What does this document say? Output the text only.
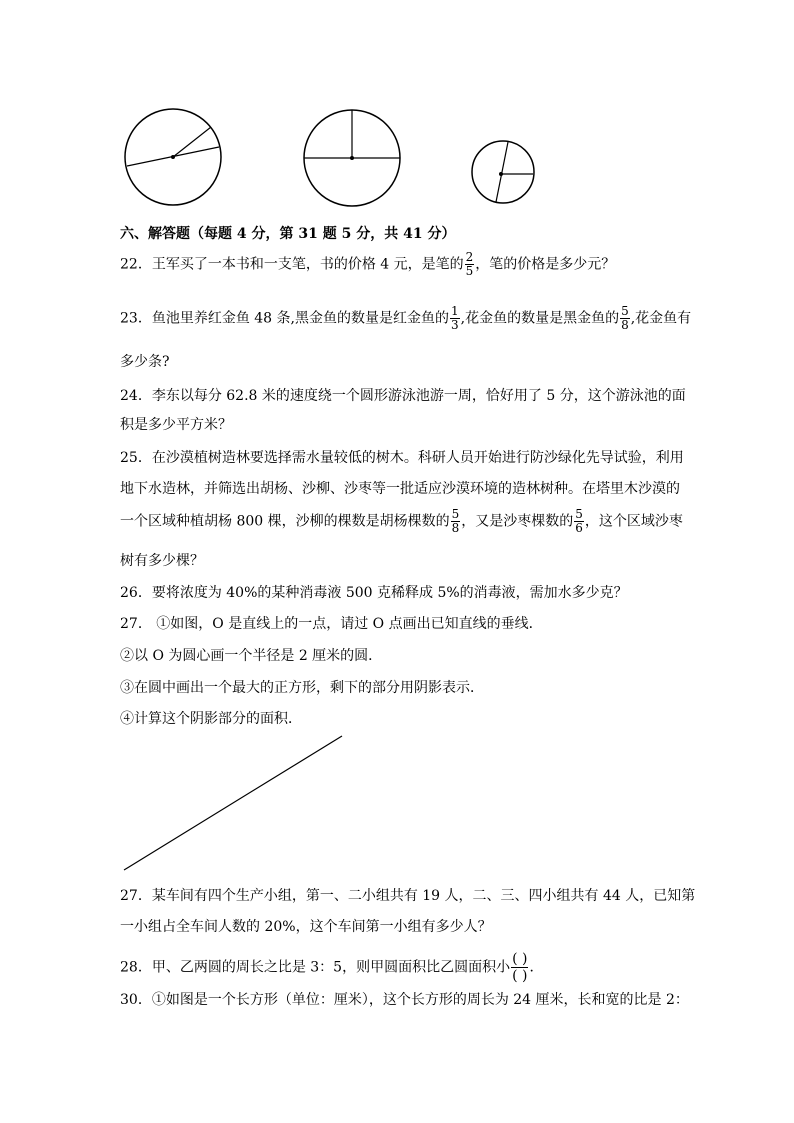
六、解答题（每题 4 分，第 31 题 5 分，共 41 分）
22．王军买了一本书和一支笔，书的价格 4 元，是笔的 $\frac{2}{5}$ ，笔的价格是多少元？
23．鱼池里养红金鱼 48 条,黑金鱼的数量是红金鱼的 $\frac{1}{3}$ ,花金鱼的数量是黑金鱼的 $\frac{5}{8}$ ,花金鱼有
多少条?
24．李东以每分 62.8 米的速度绕一个圆形游泳池游一周，恰好用了 5 分，这个游泳池的面
积是多少平方米？
25．在沙漠植树造林要选择需水量较低的树木。科研人员开始进行防沙绿化先导试验，利用
地下水造林，并筛选出胡杨、沙柳、沙枣等一批适应沙漠环境的造林树种。在塔里木沙漠的
一个区域种植胡杨 800 棵，沙柳的棵数是胡杨棵数的 $\frac{5}{8}$ ，又是沙枣棵数的 $\frac{5}{6}$ ，这个区域沙枣
树有多少棵？
26．要将浓度为 40%的某种消毒液 500 克稀释成 5%的消毒液，需加水多少克？
27． ①如图，O 是直线上的一点，请过 O 点画出已知直线的垂线．
②以 O 为圆心画一个半径是 2 厘米的圆．
③在圆中画出一个最大的正方形，剩下的部分用阴影表示．
④计算这个阴影部分的面积．
27．某车间有四个生产小组，第一、二小组共有 19 人，二、三、四小组共有 44 人，已知第
一小组占全车间人数的 20%，这个车间第一小组有多少人？
28．甲、乙两圆的周长之比是 3：5，则甲圆面积比乙圆面积小 $\frac{( )}{( )}$ ．
30．①如图是一个长方形（单位：厘米），这个长方形的周长为 24 厘米，长和宽的比是 2：
